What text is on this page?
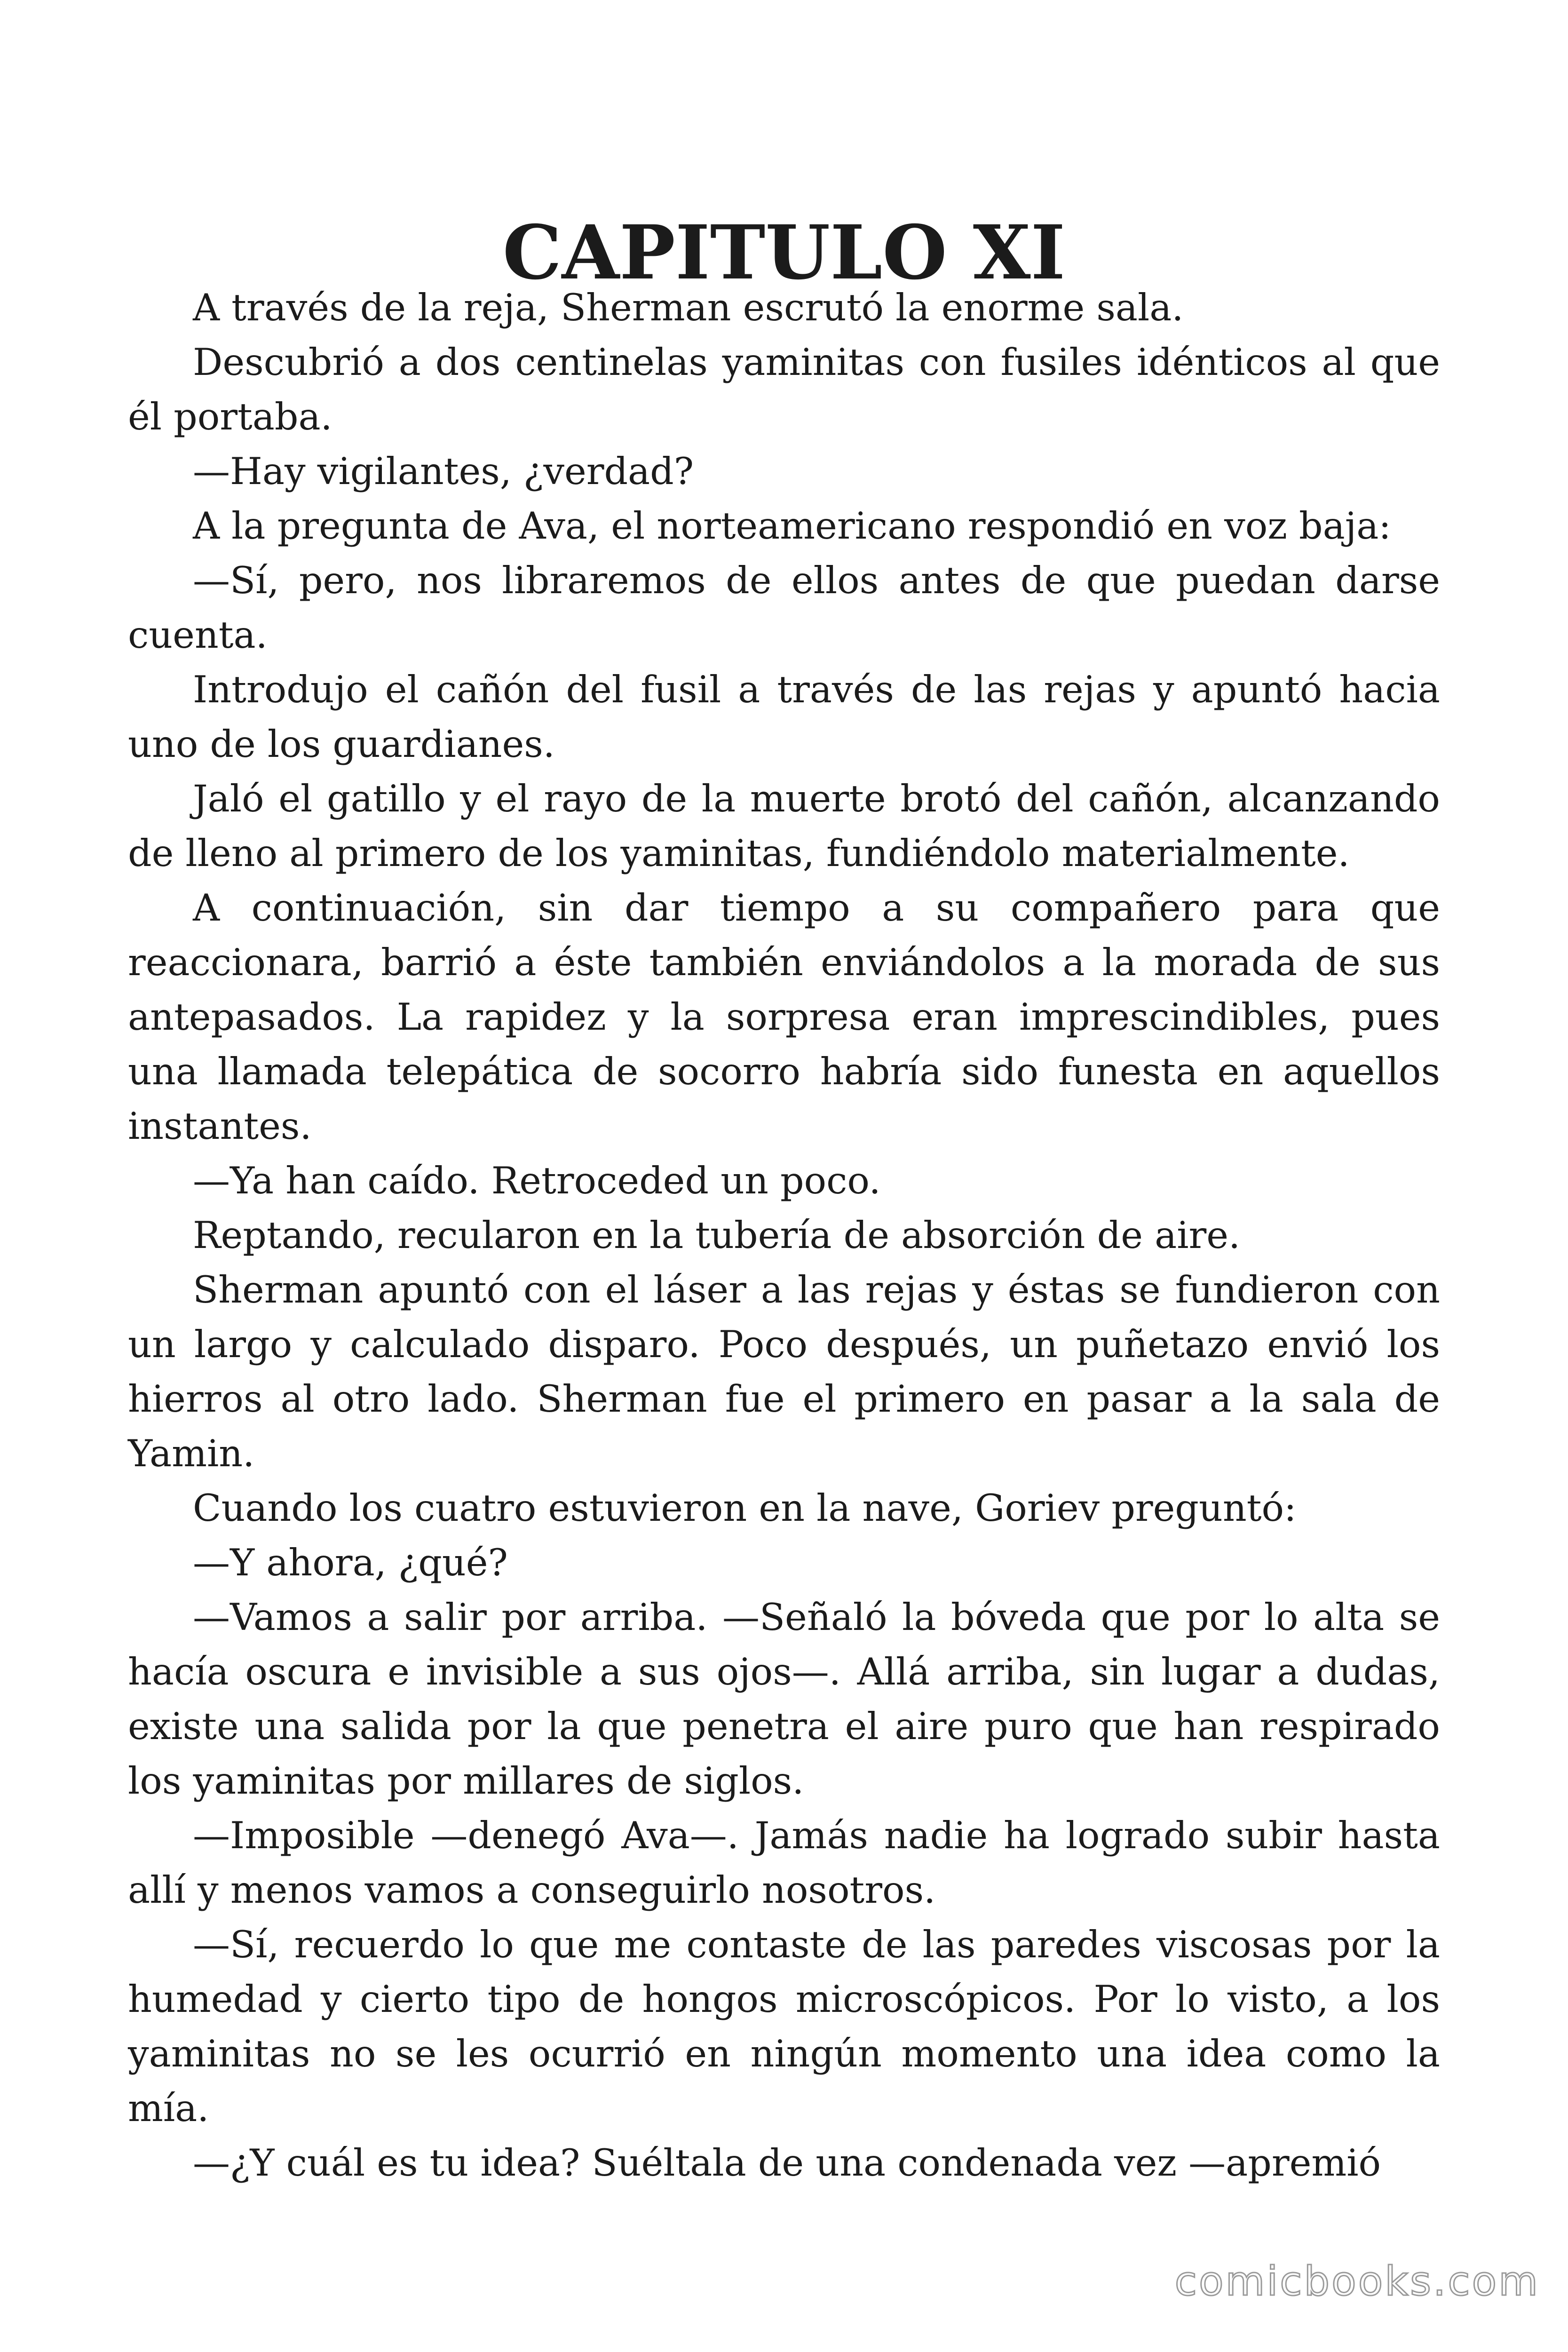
CAPITULO XI

A través de la reja, Sherman escrutó la enorme sala.

Descubrió a dos centinelas yaminitas con fusiles idénticos al que él portaba.

—Hay vigilantes, ¿verdad?

A la pregunta de Ava, el norteamericano respondió en voz baja:

—Sí, pero, nos libraremos de ellos antes de que puedan darse cuenta.

Introdujo el cañón del fusil a través de las rejas y apuntó hacia uno de los guardianes.

Jaló el gatillo y el rayo de la muerte brotó del cañón, alcanzando de lleno al primero de los yaminitas, fundiéndolo materialmente.

A continuación, sin dar tiempo a su compañero para que reaccionara, barrió a éste también enviándolos a la morada de sus antepasados. La rapidez y la sorpresa eran imprescindibles, pues una llamada telepática de socorro habría sido funesta en aquellos instantes.

—Ya han caído. Retroceded un poco.

Reptando, recularon en la tubería de absorción de aire.

Sherman apuntó con el láser a las rejas y éstas se fundieron con un largo y calculado disparo. Poco después, un puñetazo envió los hierros al otro lado. Sherman fue el primero en pasar a la sala de Yamin.

Cuando los cuatro estuvieron en la nave, Goriev preguntó:

—Y ahora, ¿qué?

—Vamos a salir por arriba. —Señaló la bóveda que por lo alta se hacía oscura e invisible a sus ojos—. Allá arriba, sin lugar a dudas, existe una salida por la que penetra el aire puro que han respirado los yaminitas por millares de siglos.

—Imposible —denegó Ava—. Jamás nadie ha logrado subir hasta allí y menos vamos a conseguirlo nosotros.

—Sí, recuerdo lo que me contaste de las paredes viscosas por la humedad y cierto tipo de hongos microscópicos. Por lo visto, a los yaminitas no se les ocurrió en ningún momento una idea como la mía.

—¿Y cuál es tu idea? Suéltala de una condenada vez —apremió

comicbooks.com
